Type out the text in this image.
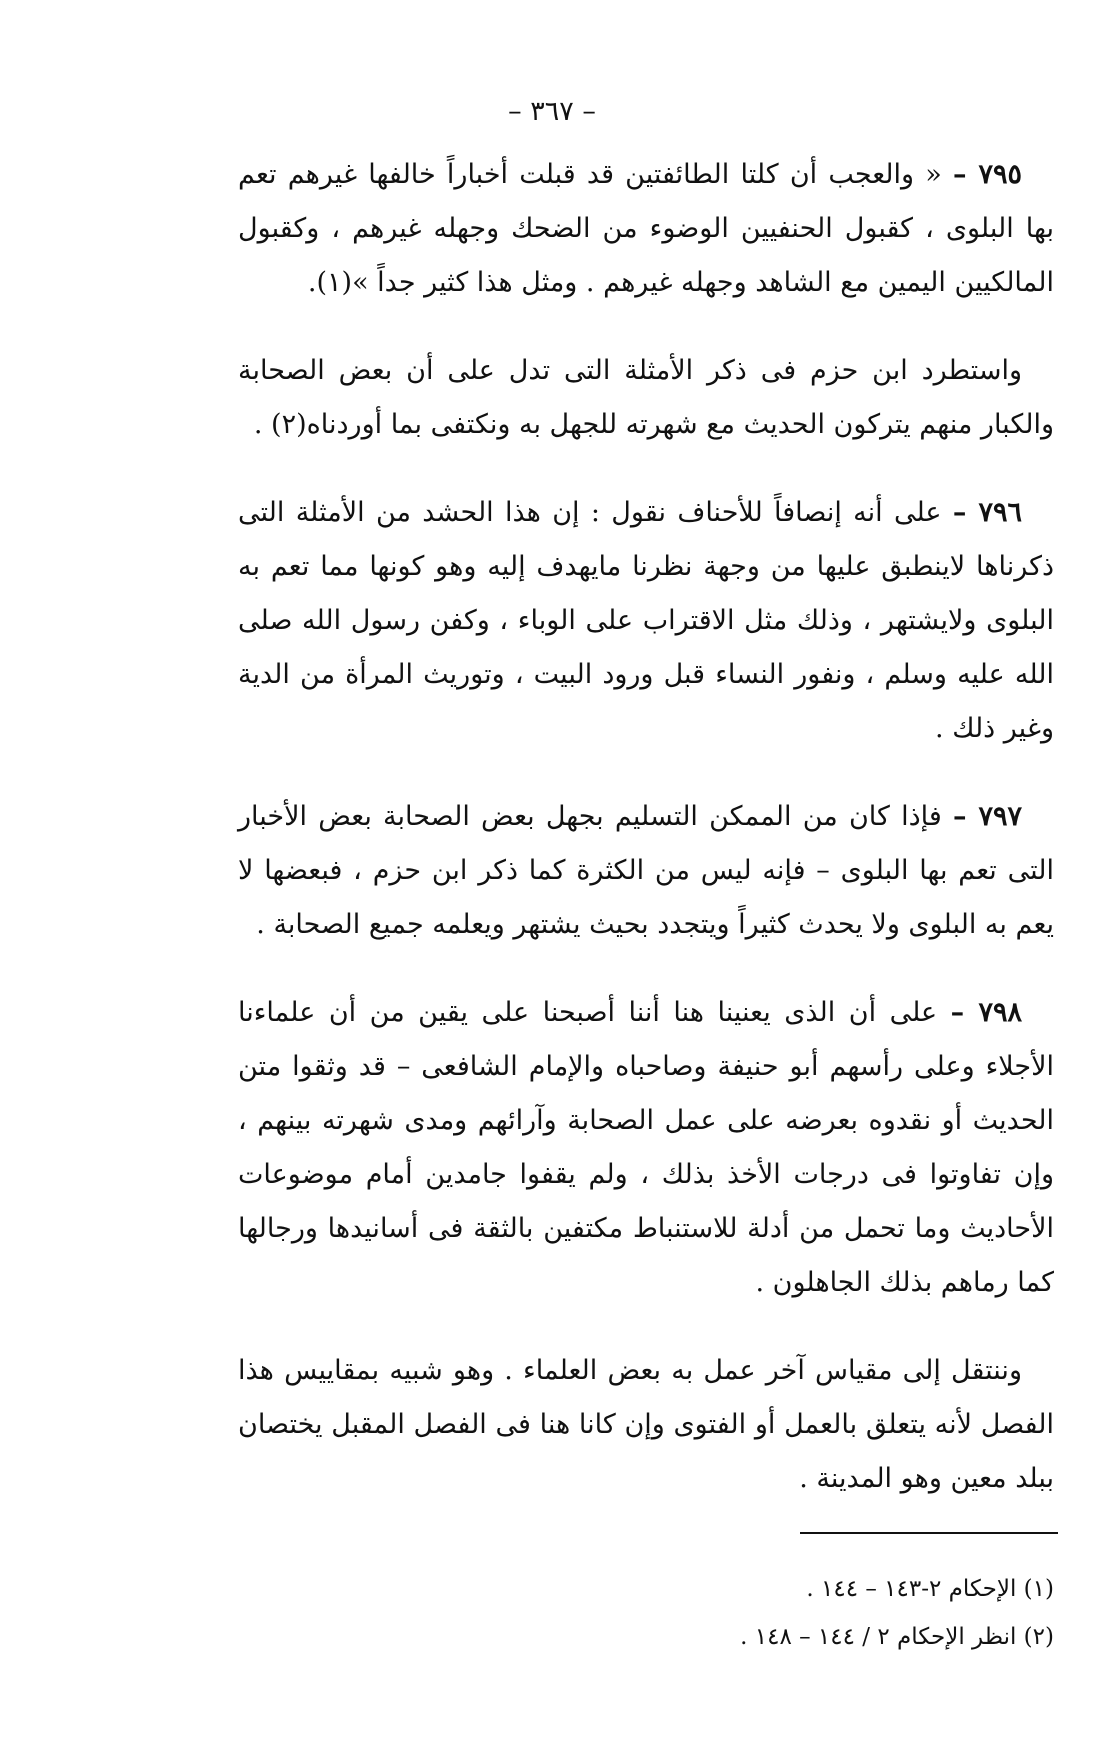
– ٣٦٧ –

٧٩٥ – « والعجب أن كلتا الطائفتين قد قبلت أخباراً خالفها غيرهم تعم بها البلوى ، كقبول الحنفيين الوضوء من الضحك وجهله غيرهم ، وكقبول المالكيين اليمين مع الشاهد وجهله غيرهم . ومثل هذا كثير جداً »(١).

واستطرد ابن حزم فى ذكر الأمثلة التى تدل على أن بعض الصحابة والكبار منهم يتركون الحديث مع شهرته للجهل به ونكتفى بما أوردناه(٢) .

٧٩٦ – على أنه إنصافاً للأحناف نقول : إن هذا الحشد من الأمثلة التى ذكرناها لاينطبق عليها من وجهة نظرنا مايهدف إليه وهو كونها مما تعم به البلوى ولايشتهر ، وذلك مثل الاقتراب على الوباء ، وكفن رسول الله صلى الله عليه وسلم ، ونفور النساء قبل ورود البيت ، وتوريث المرأة من الدية وغير ذلك .

٧٩٧ – فإذا كان من الممكن التسليم بجهل بعض الصحابة بعض الأخبار التى تعم بها البلوى – فإنه ليس من الكثرة كما ذكر ابن حزم ، فبعضها لا يعم به البلوى ولا يحدث كثيراً ويتجدد بحيث يشتهر ويعلمه جميع الصحابة .

٧٩٨ – على أن الذى يعنينا هنا أننا أصبحنا على يقين من أن علماءنا الأجلاء وعلى رأسهم أبو حنيفة وصاحباه والإمام الشافعى – قد وثقوا متن الحديث أو نقدوه بعرضه على عمل الصحابة وآرائهم ومدى شهرته بينهم ، وإن تفاوتوا فى درجات الأخذ بذلك ، ولم يقفوا جامدين أمام موضوعات الأحاديث وما تحمل من أدلة للاستنباط مكتفين بالثقة فى أسانيدها ورجالها كما رماهم بذلك الجاهلون .

وننتقل إلى مقياس آخر عمل به بعض العلماء . وهو شبيه بمقاييس هذا الفصل لأنه يتعلق بالعمل أو الفتوى وإن كانا هنا فى الفصل المقبل يختصان ببلد معين وهو المدينة .

(١) الإحكام ٢-١٤٣ – ١٤٤ .
(٢) انظر الإحكام ٢ / ١٤٤ – ١٤٨ .
